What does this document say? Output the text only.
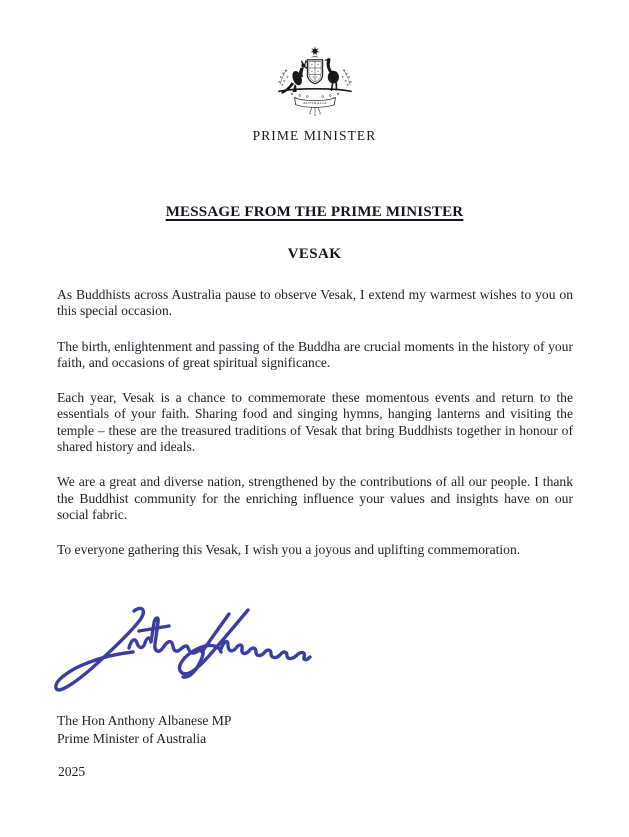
AUSTRALIA
PRIME MINISTER
MESSAGE FROM THE PRIME MINISTER
VESAK

As Buddhists across Australia pause to observe Vesak, I extend my warmest wishes to you on this special occasion.

The birth, enlightenment and passing of the Buddha are crucial moments in the history of your faith, and occasions of great spiritual significance.

Each year, Vesak is a chance to commemorate these momentous events and return to the essentials of your faith. Sharing food and singing hymns, hanging lanterns and visiting the temple – these are the treasured traditions of Vesak that bring Buddhists together in honour of shared history and ideals.

We are a great and diverse nation, strengthened by the contributions of all our people. I thank the Buddhist community for the enriching influence your values and insights have on our social fabric.

To everyone gathering this Vesak, I wish you a joyous and uplifting commemoration.

The Hon Anthony Albanese MP
Prime Minister of Australia
2025
